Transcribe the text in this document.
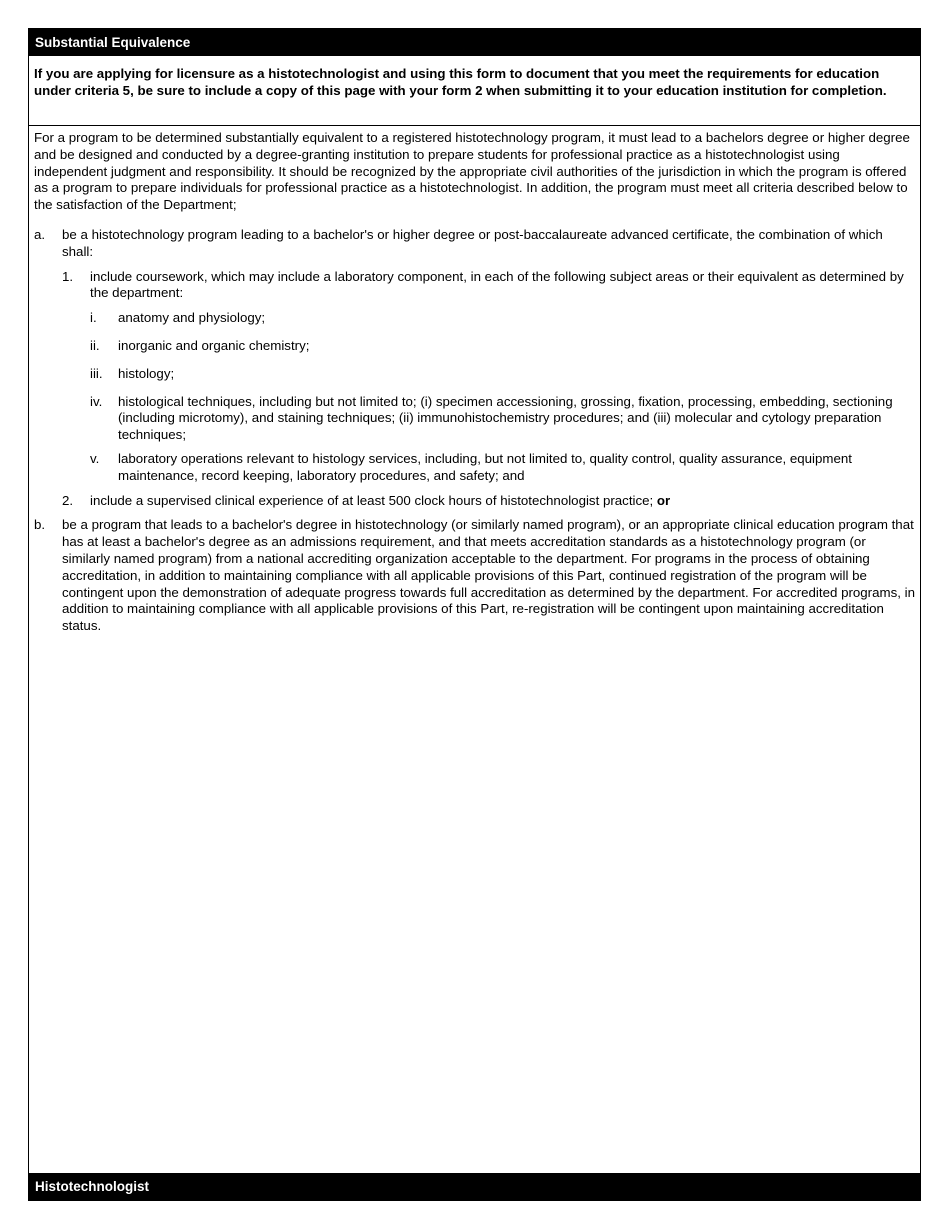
Substantial Equivalence
If you are applying for licensure as a histotechnologist and using this form to document that you meet the requirements for education under criteria 5, be sure to include a copy of this page with your form 2 when submitting it to your education institution for completion.

For a program to be determined substantially equivalent to a registered histotechnology program, it must lead to a bachelors degree or higher degree and be designed and conducted by a degree-granting institution to prepare students for professional practice as a histotechnologist using independent judgment and responsibility. It should be recognized by the appropriate civil authorities of the jurisdiction in which the program is offered as a program to prepare individuals for professional practice as a histotechnologist. In addition, the program must meet all criteria described below to the satisfaction of the Department;

a. be a histotechnology program leading to a bachelor's or higher degree or post-baccalaureate advanced certificate, the combination of which shall:
1. include coursework, which may include a laboratory component, in each of the following subject areas or their equivalent as determined by the department:
i. anatomy and physiology;
ii. inorganic and organic chemistry;
iii. histology;
iv. histological techniques, including but not limited to; (i) specimen accessioning, grossing, fixation, processing, embedding, sectioning (including microtomy), and staining techniques; (ii) immunohistochemistry procedures; and (iii) molecular and cytology preparation techniques;
v. laboratory operations relevant to histology services, including, but not limited to, quality control, quality assurance, equipment maintenance, record keeping, laboratory procedures, and safety; and
2. include a supervised clinical experience of at least 500 clock hours of histotechnologist practice; or
b. be a program that leads to a bachelor's degree in histotechnology (or similarly named program), or an appropriate clinical education program that has at least a bachelor's degree as an admissions requirement, and that meets accreditation standards as a histotechnology program (or similarly named program) from a national accrediting organization acceptable to the department. For programs in the process of obtaining accreditation, in addition to maintaining compliance with all applicable provisions of this Part, continued registration of the program will be contingent upon the demonstration of adequate progress towards full accreditation as determined by the department. For accredited programs, in addition to maintaining compliance with all applicable provisions of this Part, re-registration will be contingent upon maintaining accreditation status.
Histotechnologist
